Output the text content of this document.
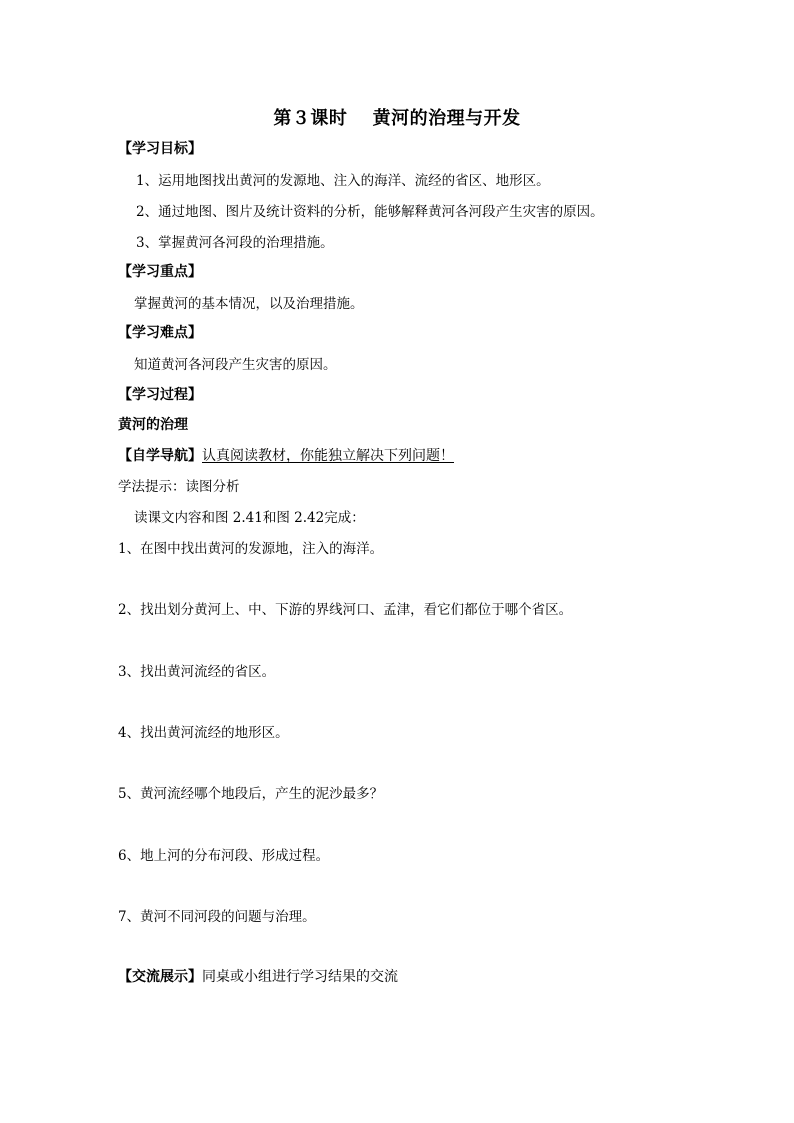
第３课时　 黄河的治理与开发
【学习目标】
1、运用地图找出黄河的发源地、注入的海洋、流经的省区、地形区。
2、通过地图、图片及统计资料的分析，能够解释黄河各河段产生灾害的原因。
3、掌握黄河各河段的治理措施。
【学习重点】
掌握黄河的基本情况，以及治理措施。
【学习难点】
知道黄河各河段产生灾害的原因。
【学习过程】
黄河的治理
【自学导航】认真阅读教材，你能独立解决下列问题！
学法提示：读图分析
读课文内容和图 2.41和图 2.42完成：
1、在图中找出黄河的发源地，注入的海洋。
2、找出划分黄河上、中、下游的界线河口、孟津，看它们都位于哪个省区。
3、找出黄河流经的省区。
4、找出黄河流经的地形区。
5、黄河流经哪个地段后，产生的泥沙最多？
6、地上河的分布河段、形成过程。
7、黄河不同河段的问题与治理。
【交流展示】同桌或小组进行学习结果的交流
